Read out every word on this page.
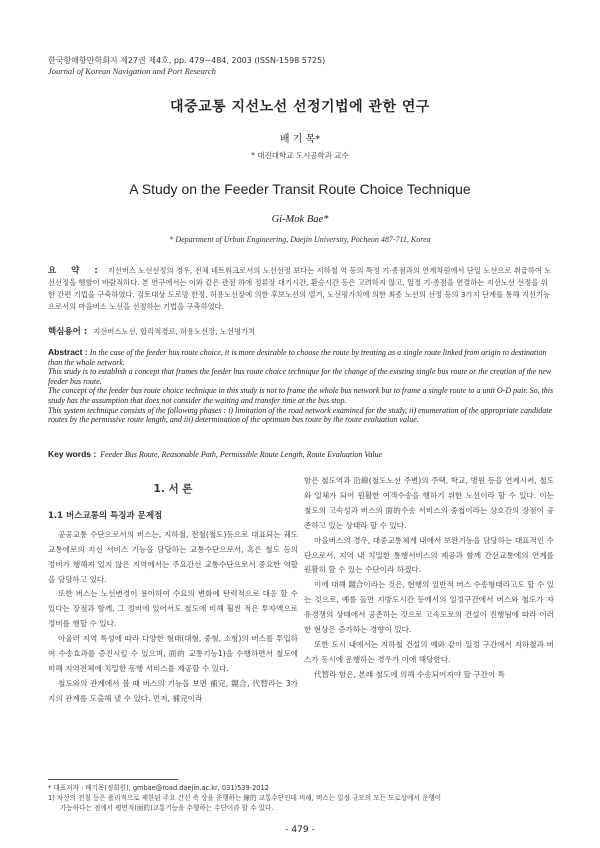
한국항해항만학회지 제27권 제4호, pp. 479~484, 2003 (ISSN-1598 5725)
Journal of Korean Navigation and Port Research
대중교통 지선노선 선정기법에 관한 연구
배 기 목*
* 대진대학교 도시공학과 교수
A Study on the Feeder Transit Route Choice Technique
Gi-Mok Bae*
* Department of Urban Engineering, Daejin University, Pocheon 487-711, Korea
요 약 : 지선버스 노선선정의 경우, 전체 네트워크로서의 노선선정 보다는 지하철 역 등의 특정 기·종점과의 연계차원에서 단일 노선으로 취급하여 노선선정을 행함이 바람직하다. 본 연구에서는 이와 같은 관점 하에 정류장 대기시간, 환승시간 등은 고려하지 않고, 일정 기·종점을 연결하는 지선노선 선정을 위한 간편 기법을 구축하였다. 검토대상 도로망 한정, 허용노선장에 의한 후보노선의 열거, 노선평가치에 의한 최종 노선의 선정 등의 3가지 단계를 통해 지선기능으로서의 마을버스 노선을 선정하는 기법을 구축하였다.
핵심용어 : 지선버스노선, 합리적경로, 허용노선장, 노선평가치
Abstract : In the case of the feeder bus route choice, it is more desirable to choose the route by treating as a single route linked from origin to destination than the whole network.
This study is to establish a concept that frames the feeder bus route choice technique for the change of the existing single bus route or the creation of the new feeder bus route.
The concept of the feeder bus route choice technique in this study is not to frame the whole bus network but to frame a single route to a unit O-D pair. So, this study has the assumption that does not consider the waiting and transfer time at the bus stop.
This system technique consists of the following phases : i) limitation of the road network examined for the study, ii) enumeration of the appropriate candidate routes by the permissive route length, and iii) determination of the optimum bus route by the route evaluation value.
Key words : Feeder Bus Route, Reasonable Path, Permissible Route Length, Route Evaluation Value
1. 서 론
1.1 버스교통의 특징과 문제점

공공교통 수단으로서의 버스는, 지하철, 전철(철도)등으로 대표되는 궤도교통에로의 지선 서비스 기능을 담당하는 교통수단으로서, 혹은 철도 등의 정비가 행해져 있지 않은 지역에서는 주요간선 교통수단으로서 중요한 역할을 담당하고 있다.

또한 버스는 노선변경이 용이하여 수요의 변화에 탄력적으로 대응 할 수 있다는 장점과 함께, 그 정비에 있어서도 철도에 비해 훨씬 적은 투자액으로 정비를 행할 수 있다.

아울러 지역 특성에 따라 다양한 형태(대형, 중형, 소형)의 버스를 투입하여 수송효과를 증진시킬 수 있으며, 面的 교통기능1)을 수행하면서 철도에 비해 지역전체에 치밀한 동행 서비스를 제공할 수 있다.

철도와의 관계에서 볼 때 버스의 기능을 보면 補完, 競合, 代替라는 3가지의 관계를 도출해 낼 수 있다. 먼저, 補完이라

함은 철도역과 沿線(철도노선 주변)의 주택, 학교, 병원 등을 연계시켜, 철도와 일체가 되어 원활한 여객수송을 행하기 위한 노선이라 할 수 있다. 이는 철도의 고속성과 버스의 面的수송 서비스의 중첩이라는 상호간의 장점이 공존하고 있는 상태라 할 수 있다.

마을버스의 경우, 대중교통체계 내에서 보완기능을 담당하는 대표적인 수단으로서, 지역 내 치밀한 통행서비스의 제공과 함께 간선교통에의 연계를 원활히 할 수 있는 수단이라 하겠다.

이에 대해 競合이라는 것은, 현행의 일반적 버스 수송형태라고도 할 수 있는 것으로, 예를 들면 지방도시간 등에서의 일정구간에서 버스와 철도가 자유경쟁의 상태에서 공존하는 것으로 고속도로의 건설이 진행됨에 따라 이러한 현상은 증가하는 경향이 있다.

또한 도시 내에서는 지하철 건설의 예와 같이 일정 구간에서 지하철과 버스가 동시에 운행하는 경우가 이에 해당한다.

代替라 함은, 본래 철도에 의해 수송되어져야 할 구간이 특

* 대표저자 : 배기목(정회원), gmbae@road.daejin.ac.kr, 031)539-2012
1) 차선의 전철 등은 폴리적으로 제한된 주요 간선 축 상을 운행하는 線的 교통수단인데 비해, 버스는 일정 규모의 모든 도로상에서 운행이
가능하다는 점에서 평면적(面的)교통기능을 수행하는 수단이라 할 수 있다.
- 479 -
